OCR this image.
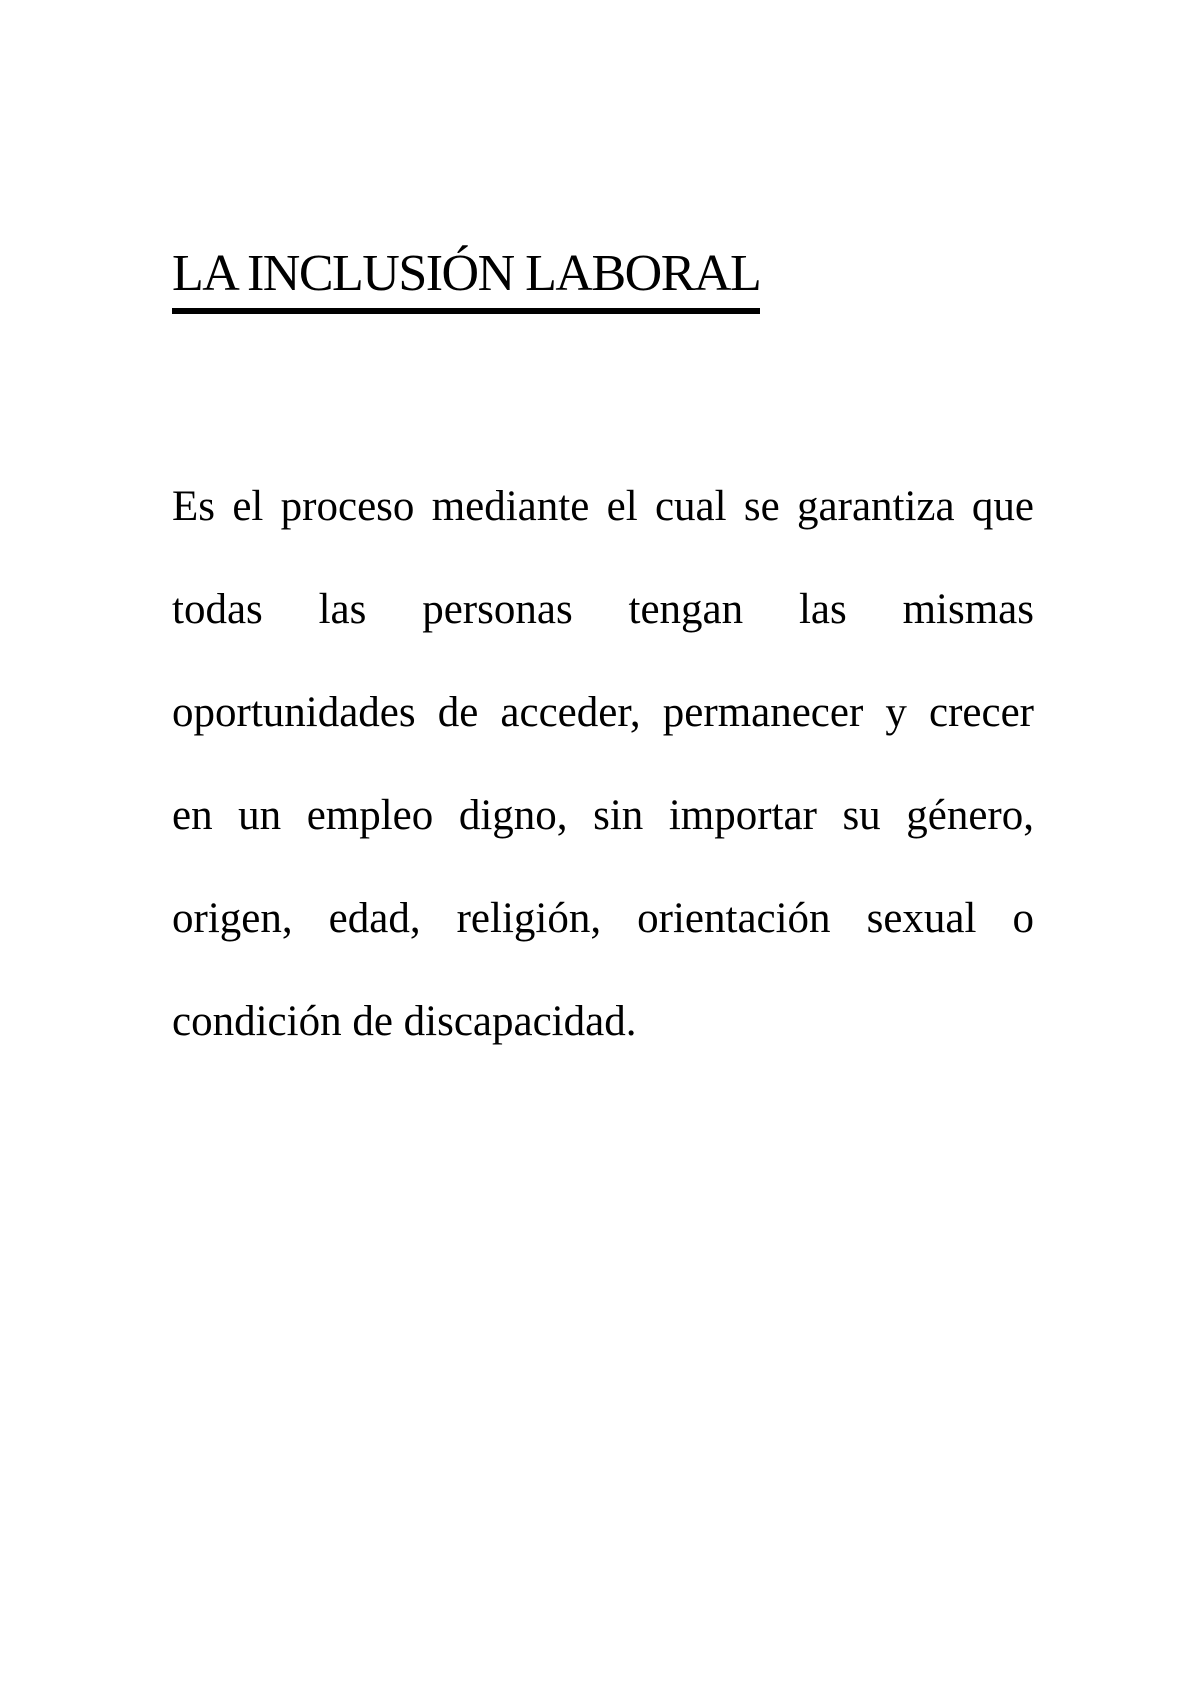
LA INCLUSIÓN LABORAL
Es el proceso mediante el cual se garantiza que
todas las personas tengan las mismas
oportunidades de acceder, permanecer y crecer
en un empleo digno, sin importar su género,
origen, edad, religión, orientación sexual o
condición de discapacidad.
